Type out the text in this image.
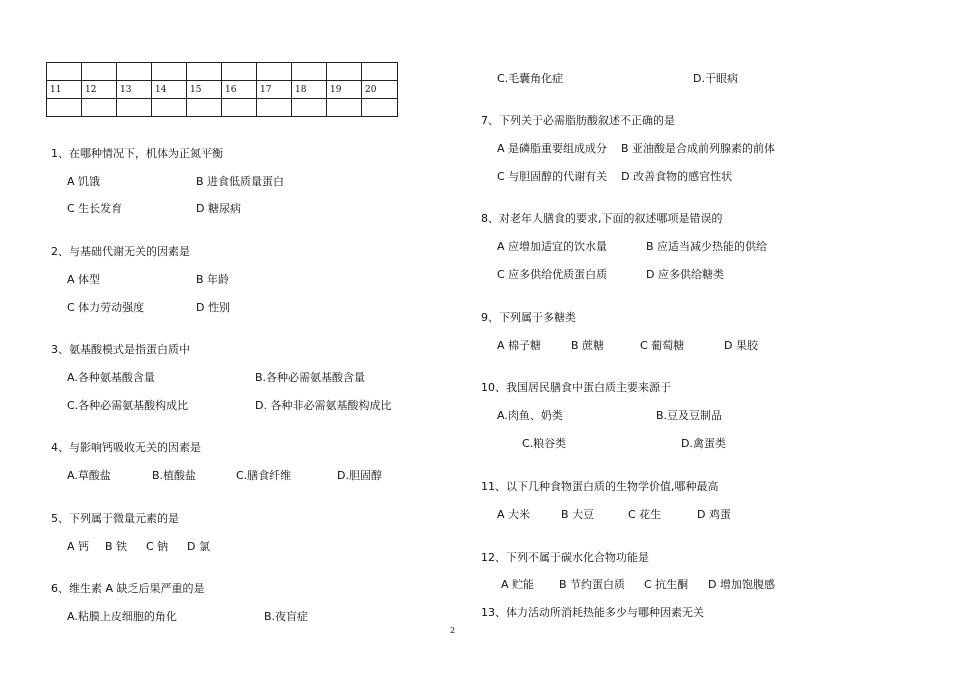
11	12	13	14	15	16	17	18	19	20

1、在哪种情况下，机体为正氮平衡
A 饥饿	B 进食低质量蛋白
C 生长发育	D 糖尿病
2、与基础代谢无关的因素是
A 体型	B 年龄
C 体力劳动强度	D 性别
3、氨基酸模式是指蛋白质中
A.各种氨基酸含量	B.各种必需氨基酸含量
C.各种必需氨基酸构成比	D. 各种非必需氨基酸构成比
4、与影响钙吸收无关的因素是
A.草酸盐	B.植酸盐	C.膳食纤维	D.胆固醇
5、下列属于微量元素的是
A 钙 B 铁 C 钠 D 氯
6、维生素 A 缺乏后果严重的是
A.粘膜上皮细胞的角化	B.夜盲症
C.毛囊角化症	D.干眼病
7、下列关于必需脂肪酸叙述不正确的是
A 是磷脂重要组成成分    B 亚油酸是合成前列腺素的前体
C 与胆固醇的代谢有关    D 改善食物的感官性状
8、对老年人膳食的要求,下面的叙述哪项是错误的
A 应增加适宜的饮水量	B 应适当减少热能的供给
C 应多供给优质蛋白质	D 应多供给糖类
9、下列属于多糖类
A 棉子糖	B 蔗糖	C 葡萄糖	D 果胶
10、我国居民膳食中蛋白质主要来源于
A.肉鱼、奶类	B.豆及豆制品
C.粮谷类	D.禽蛋类
11、以下几种食物蛋白质的生物学价值,哪种最高
A 大米	B 大豆	C 花生	D 鸡蛋
12、下列不属于碳水化合物功能是
A 贮能 B 节约蛋白质 C 抗生酮 D 增加饱腹感
13、体力活动所消耗热能多少与哪种因素无关
2
